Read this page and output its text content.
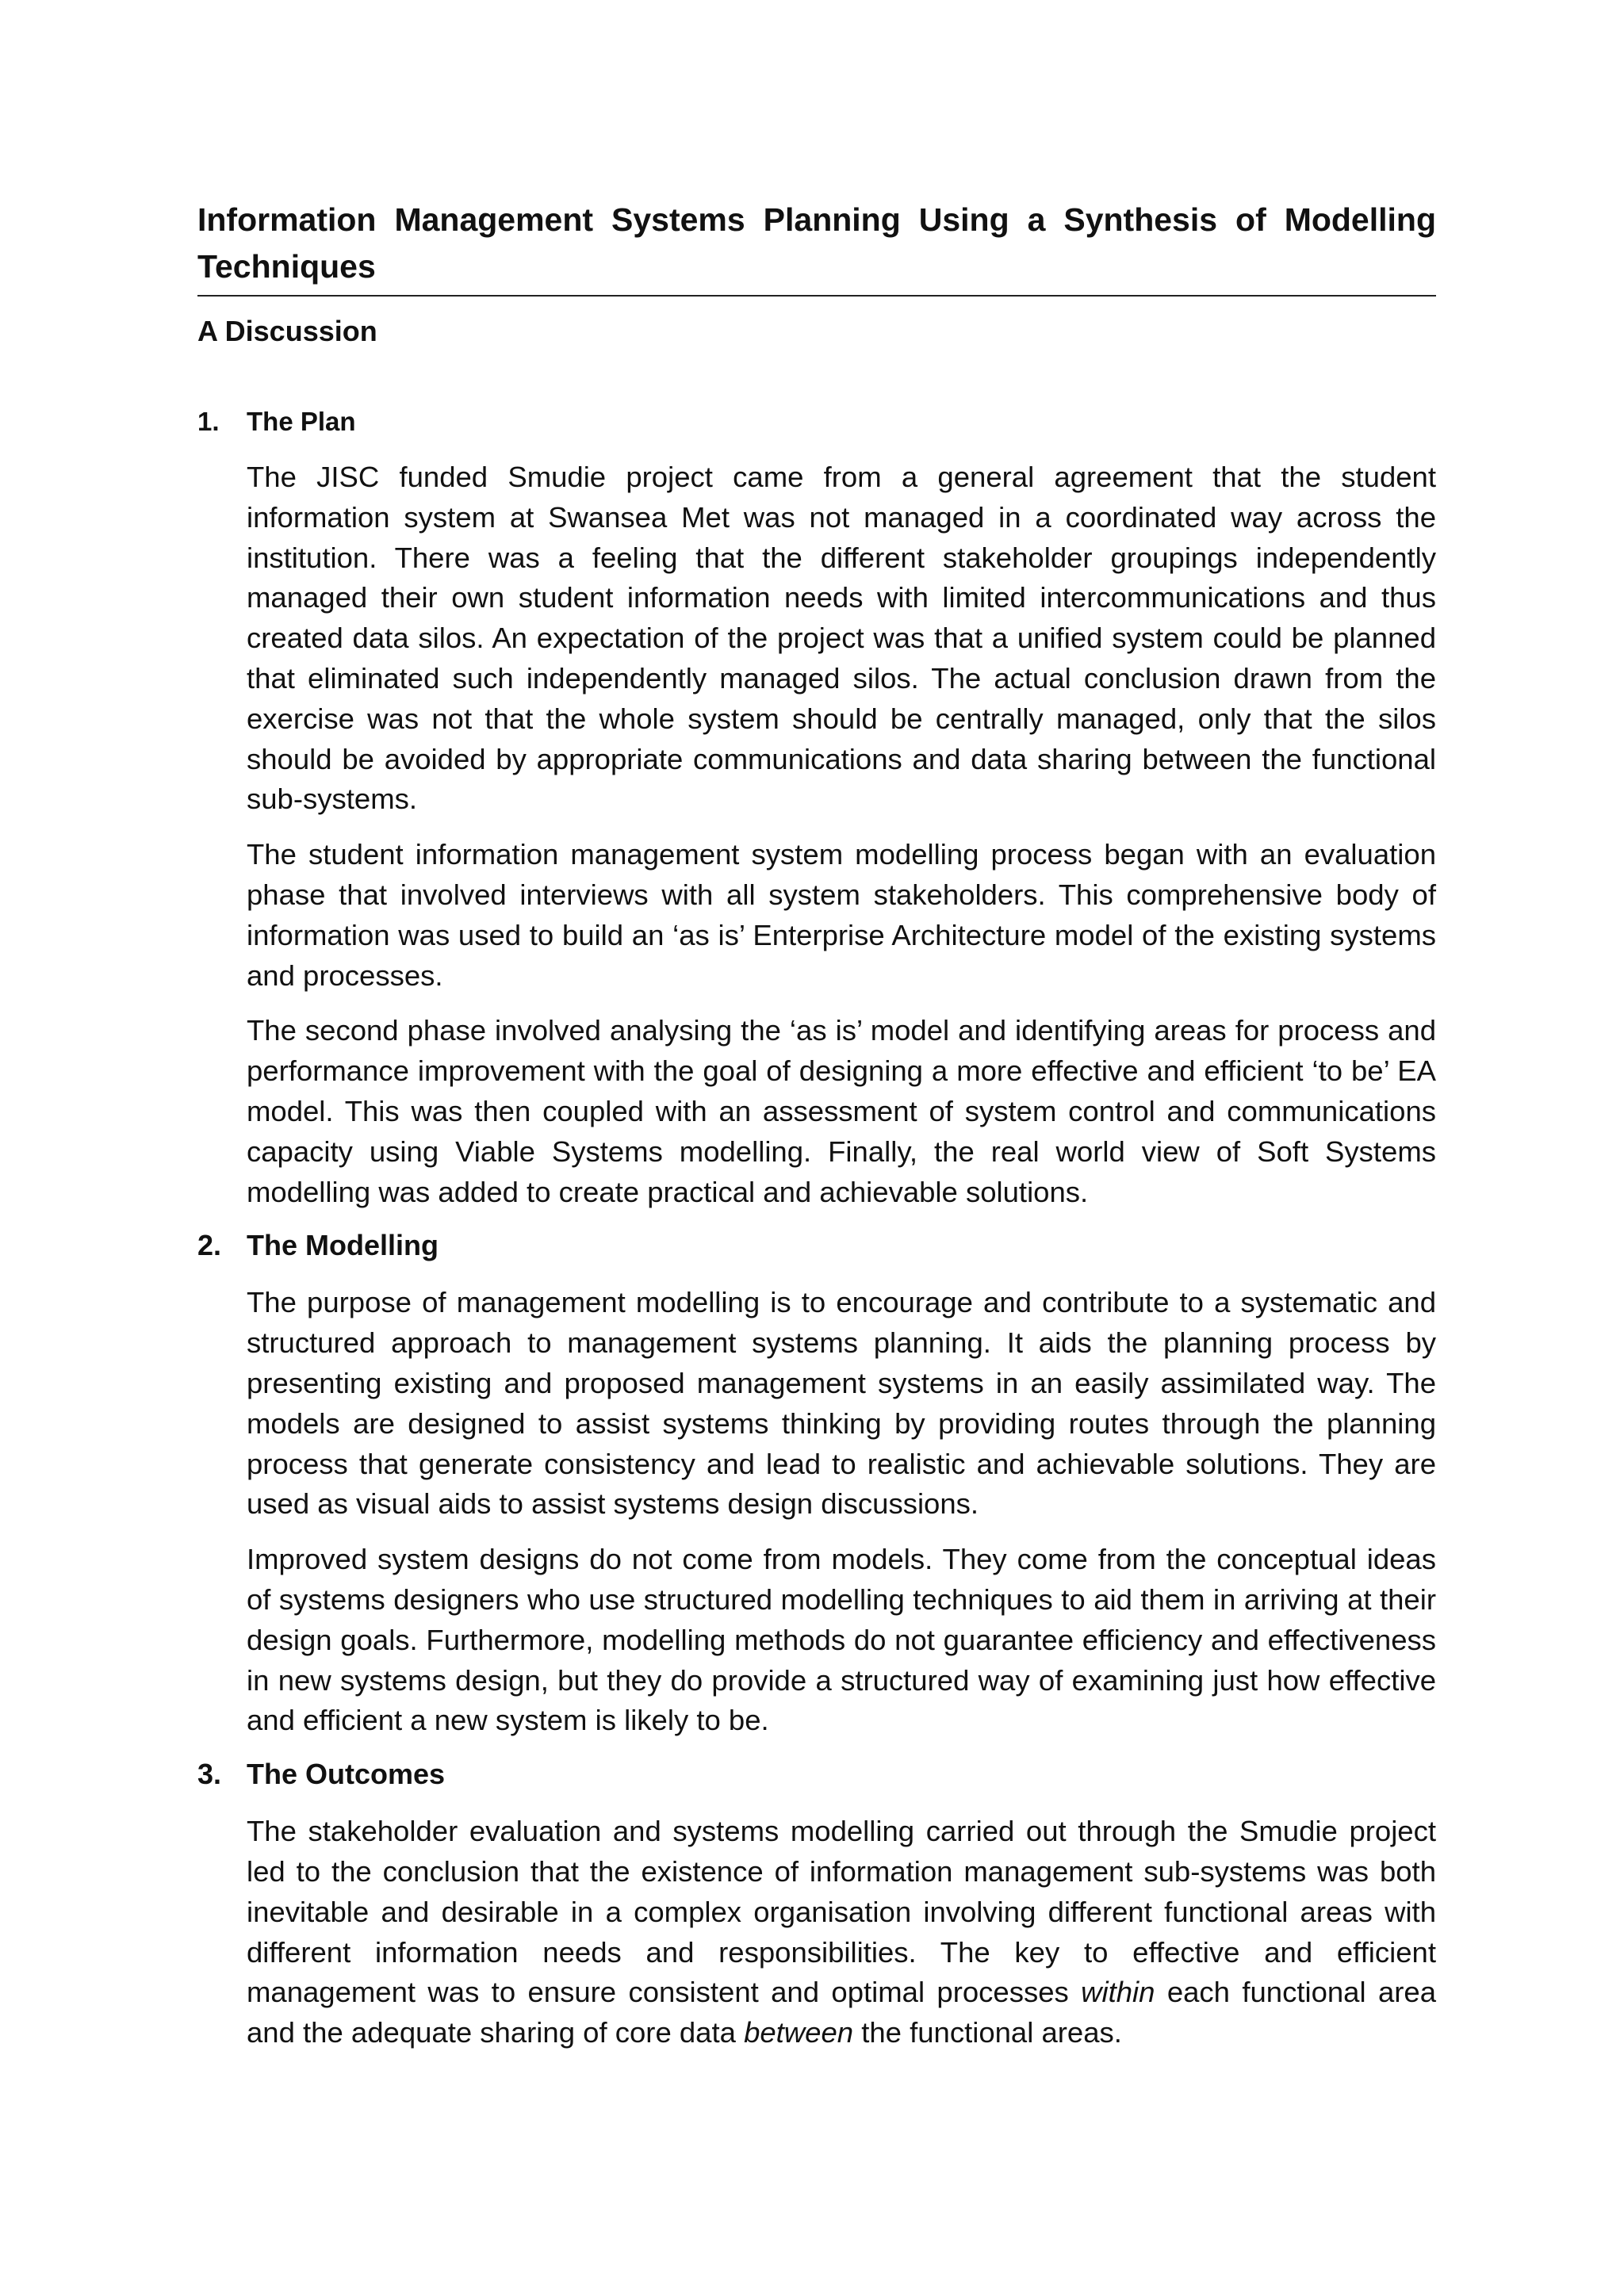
Information Management Systems Planning Using a Synthesis of Modelling Techniques
A Discussion
1.	The Plan

The JISC funded Smudie project came from a general agreement that the student information system at Swansea Met was not managed in a coordinated way across the institution. There was a feeling that the different stakeholder groupings independently managed their own student information needs with limited intercommunications and thus created data silos. An expectation of the project was that a unified system could be planned that eliminated such independently managed silos. The actual conclusion drawn from the exercise was not that the whole system should be centrally managed, only that the silos should be avoided by appropriate communications and data sharing between the functional sub-systems.

The student information management system modelling process began with an evaluation phase that involved interviews with all system stakeholders. This comprehensive body of information was used to build an ‘as is’ Enterprise Architecture model of the existing systems and processes.

The second phase involved analysing the ‘as is’ model and identifying areas for process and performance improvement with the goal of designing a more effective and efficient ‘to be’ EA model. This was then coupled with an assessment of system control and communications capacity using Viable Systems modelling. Finally, the real world view of Soft Systems modelling was added to create practical and achievable solutions.

2. The Modelling

The purpose of management modelling is to encourage and contribute to a systematic and structured approach to management systems planning. It aids the planning process by presenting existing and proposed management systems in an easily assimilated way. The models are designed to assist systems thinking by providing routes through the planning process that generate consistency and lead to realistic and achievable solutions. They are used as visual aids to assist systems design discussions.

Improved system designs do not come from models. They come from the conceptual ideas of systems designers who use structured modelling techniques to aid them in arriving at their design goals. Furthermore, modelling methods do not guarantee efficiency and effectiveness in new systems design, but they do provide a structured way of examining just how effective and efficient a new system is likely to be.

3. The Outcomes

The stakeholder evaluation and systems modelling carried out through the Smudie project led to the conclusion that the existence of information management sub-systems was both inevitable and desirable in a complex organisation involving different functional areas with different information needs and responsibilities. The key to effective and efficient management was to ensure consistent and optimal processes within each functional area and the adequate sharing of core data between the functional areas.
